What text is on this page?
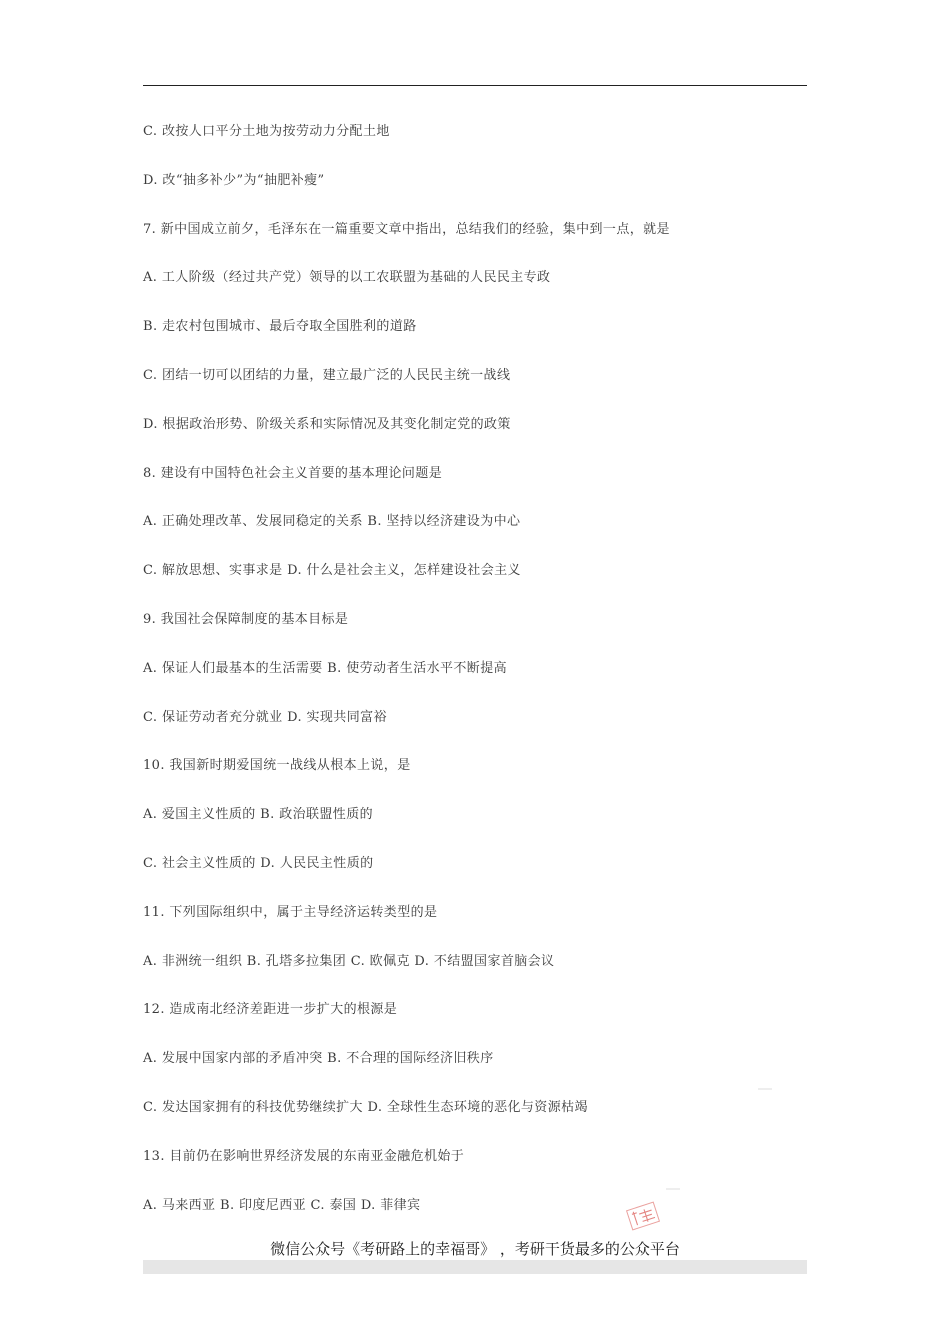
C. 改按人口平分土地为按劳动力分配土地
D. 改“抽多补少”为“抽肥补瘦”
7. 新中国成立前夕，毛泽东在一篇重要文章中指出，总结我们的经验，集中到一点，就是
A. 工人阶级（经过共产党）领导的以工农联盟为基础的人民民主专政
B. 走农村包围城市、最后夺取全国胜利的道路
C. 团结一切可以团结的力量，建立最广泛的人民民主统一战线
D. 根据政治形势、阶级关系和实际情况及其变化制定党的政策
8. 建设有中国特色社会主义首要的基本理论问题是
A. 正确处理改革、发展同稳定的关系 B. 坚持以经济建设为中心
C. 解放思想、实事求是 D. 什么是社会主义，怎样建设社会主义
9. 我国社会保障制度的基本目标是
A. 保证人们最基本的生活需要 B. 使劳动者生活水平不断提高
C. 保证劳动者充分就业 D. 实现共同富裕
10. 我国新时期爱国统一战线从根本上说，是
A. 爱国主义性质的 B. 政治联盟性质的
C. 社会主义性质的 D. 人民民主性质的
11. 下列国际组织中，属于主导经济运转类型的是
A. 非洲统一组织 B. 孔塔多拉集团 C. 欧佩克 D. 不结盟国家首脑会议
12. 造成南北经济差距进一步扩大的根源是
A. 发展中国家内部的矛盾冲突 B. 不合理的国际经济旧秩序
C. 发达国家拥有的科技优势继续扩大 D. 全球性生态环境的恶化与资源枯竭
13. 目前仍在影响世界经济发展的东南亚金融危机始于
A. 马来西亚 B. 印度尼西亚 C. 泰国 D. 菲律宾
微信公众号《考研路上的幸福哥》 ，考研干货最多的公众平台
